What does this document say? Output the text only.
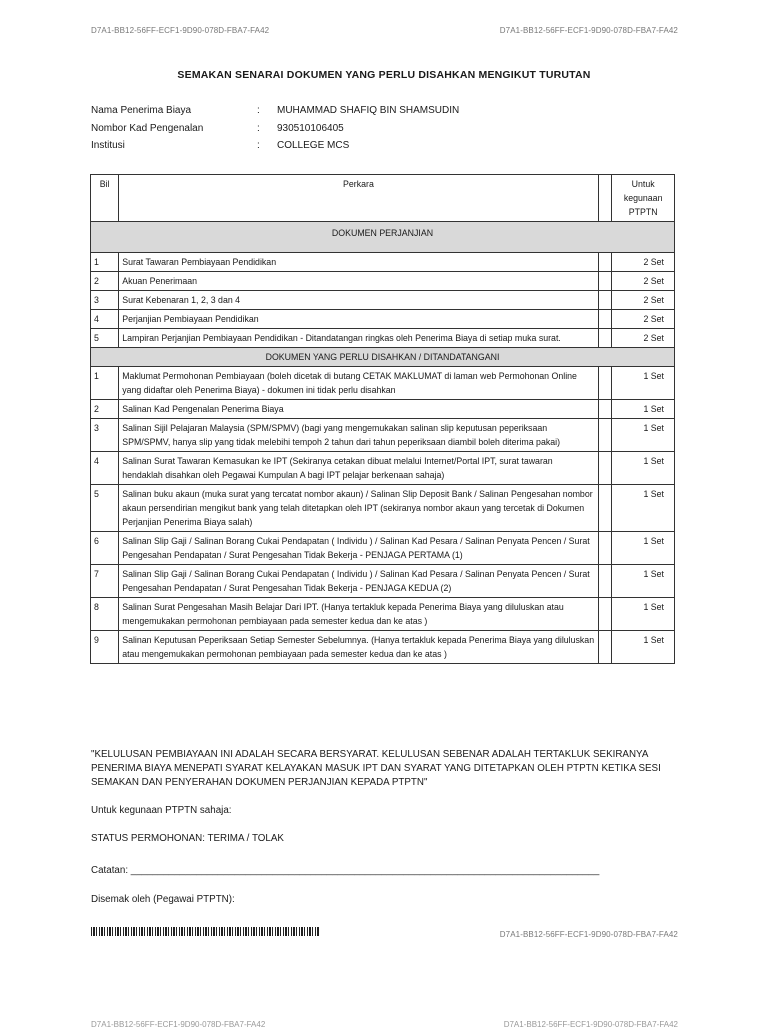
D7A1-BB12-56FF-ECF1-9D90-078D-FBA7-FA42	D7A1-BB12-56FF-ECF1-9D90-078D-FBA7-FA42
SEMAKAN SENARAI DOKUMEN YANG PERLU DISAHKAN MENGIKUT TURUTAN
Nama Penerima Biaya	: MUHAMMAD SHAFIQ BIN SHAMSUDIN
Nombor Kad Pengenalan	: 930510106405
Institusi	: COLLEGE MCS
Bil	Perkara		Untuk kegunaan PTPTN
DOKUMEN PERJANJIAN			
1	Surat Tawaran Pembiayaan Pendidikan		2 Set
2	Akuan Penerimaan		2 Set
3	Surat Kebenaran 1, 2, 3 dan 4		2 Set
4	Perjanjian Pembiayaan Pendidikan		2 Set
5	Lampiran Perjanjian Pembiayaan Pendidikan - Ditandatangan ringkas oleh Penerima Biaya di setiap muka surat.		2 Set
DOKUMEN YANG PERLU DISAHKAN / DITANDATANGANI			
1	Maklumat Permohonan Pembiayaan (boleh dicetak di butang CETAK MAKLUMAT di laman web Permohonan Online yang didaftar oleh Penerima Biaya) - dokumen ini tidak perlu disahkan		1 Set
2	Salinan Kad Pengenalan Penerima Biaya		1 Set
3	Salinan Sijil Pelajaran Malaysia (SPM/SPMV) (bagi yang mengemukakan salinan slip keputusan peperiksaan SPM/SPMV, hanya slip yang tidak melebihi tempoh 2 tahun dari tahun peperiksaan diambil boleh diterima pakai)		1 Set
4	Salinan Surat Tawaran Kemasukan ke IPT (Sekiranya cetakan dibuat melalui Internet/Portal IPT, surat tawaran hendaklah disahkan oleh Pegawai Kumpulan A bagi IPT pelajar berkenaan sahaja)		1 Set
5	Salinan buku akaun (muka surat yang tercatat nombor akaun) / Salinan Slip Deposit Bank / Salinan Pengesahan nombor akaun persendirian mengikut bank yang telah ditetapkan oleh IPT (sekiranya nombor akaun yang tercetak di Dokumen Perjanjian Penerima Biaya salah)		1 Set
6	Salinan Slip Gaji / Salinan Borang Cukai Pendapatan ( Individu ) / Salinan Kad Pesara / Salinan Penyata Pencen / Surat Pengesahan Pendapatan / Surat Pengesahan Tidak Bekerja - PENJAGA PERTAMA (1)		1 Set
7	Salinan Slip Gaji / Salinan Borang Cukai Pendapatan ( Individu ) / Salinan Kad Pesara / Salinan Penyata Pencen / Surat Pengesahan Pendapatan / Surat Pengesahan Tidak Bekerja - PENJAGA KEDUA (2)		1 Set
8	Salinan Surat Pengesahan Masih Belajar Dari IPT. (Hanya tertakluk kepada Penerima Biaya yang diluluskan atau mengemukakan permohonan pembiayaan pada semester kedua dan ke atas )		1 Set
9	Salinan Keputusan Peperiksaan Setiap Semester Sebelumnya. (Hanya tertakluk kepada Penerima Biaya yang diluluskan atau mengemukakan permohonan pembiayaan pada semester kedua dan ke atas )		1 Set
"KELULUSAN PEMBIAYAAN INI ADALAH SECARA BERSYARAT. KELULUSAN SEBENAR ADALAH TERTAKLUK SEKIRANYA PENERIMA BIAYA MENEPATI SYARAT KELAYAKAN MASUK IPT DAN SYARAT YANG DITETAPKAN OLEH PTPTN KETIKA SESI SEMAKAN DAN PENYERAHAN DOKUMEN PERJANJIAN KEPADA PTPTN"
Untuk kegunaan PTPTN sahaja:
STATUS PERMOHONAN: TERIMA / TOLAK
Catatan: ______________________________________________________________________________________
Disemak oleh (Pegawai PTPTN):
D7A1-BB12-56FF-ECF1-9D90-078D-FBA7-FA42
D7A1-BB12-56FF-ECF1-9D90-078D-FBA7-FA42	D7A1-BB12-56FF-ECF1-9D90-078D-FBA7-FA42
